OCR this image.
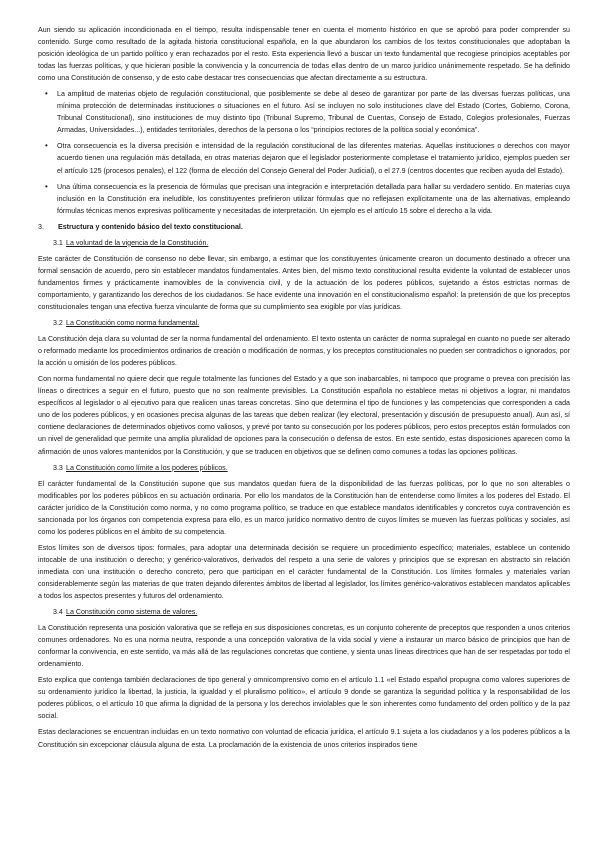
Aun siendo su aplicación incondicionada en el tiempo, resulta indispensable tener en cuenta el momento histórico en que se aprobó para poder comprender su contenido. Surge como resultado de la agitada historia constitucional española, en la que abundaron los cambios de los textos constitucionales que adoptaban la posición ideológica de un partido político y eran rechazados por el resto. Esta experiencia llevó a buscar un texto fundamental que recogiese principios aceptables por todas las fuerzas políticas, y que hicieran posible la convivencia y la concurrencia de todas ellas dentro de un marco jurídico unánimemente respetado. Se ha definido como una Constitución de consenso, y de esto cabe destacar tres consecuencias que afectan directamente a su estructura.

• La amplitud de materias objeto de regulación constitucional, que posiblemente se debe al deseo de garantizar por parte de las diversas fuerzas políticas, una mínima protección de determinadas instituciones o situaciones en el futuro. Así se incluyen no solo instituciones clave del Estado (Cortes, Gobierno, Corona, Tribunal Constitucional), sino instituciones de muy distinto tipo (Tribunal Supremo, Tribunal de Cuentas, Consejo de Estado, Colegios profesionales, Fuerzas Armadas, Universidades...), entidades territoriales, derechos de la persona o los “principios rectores de la política social y económica”.
• Otra consecuencia es la diversa precisión e intensidad de la regulación constitucional de las diferentes materias. Aquellas instituciones o derechos con mayor acuerdo tienen una regulación más detallada, en otras materias dejaron que el legislador posteriormente completase el tratamiento jurídico, ejemplos pueden ser el artículo 125 (procesos penales), el 122 (forma de elección del Consejo General del Poder Judicial), o el 27.9 (centros docentes que reciben ayuda del Estado).
• Una última consecuencia es la presencia de fórmulas que precisan una integración e interpretación detallada para hallar su verdadero sentido. En materias cuya inclusión en la Constitución era ineludible, los constituyentes prefirieron utilizar fórmulas que no reflejasen explícitamente una de las alternativas, empleando fórmulas técnicas menos expresivas políticamente y necesitadas de interpretación. Un ejemplo es el artículo 15 sobre el derecho a la vida.
3. Estructura y contenido básico del texto constitucional.
3.1 La voluntad de la vigencia de la Constitución.

Este carácter de Constitución de consenso no debe llevar, sin embargo, a estimar que los constituyentes únicamente crearon un documento destinado a ofrecer una formal sensación de acuerdo, pero sin establecer mandatos fundamentales. Antes bien, del mismo texto constitucional resulta evidente la voluntad de establecer unos fundamentos firmes y prácticamente inamovibles de la convivencia civil, y de la actuación de los poderes públicos, sujetando a éstos estrictas normas de comportamiento, y garantizando los derechos de los ciudadanos. Se hace evidente una innovación en el constitucionalismo español: la pretensión de que los preceptos constitucionales tengan una efectiva fuerza vinculante de forma que su cumplimiento sea exigible por vías jurídicas.

3.2 La Constitución como norma fundamental.

La Constitución deja clara su voluntad de ser la norma fundamental del ordenamiento. El texto ostenta un carácter de norma supralegal en cuanto no puede ser alterado o reformado mediante los procedimientos ordinarios de creación o modificación de normas, y los preceptos constitucionales no pueden ser contradichos o ignorados, por la acción u omisión de los poderes públicos.

Con norma fundamental no quiere decir que regule totalmente las funciones del Estado y a que son inabarcables, ni tampoco que programe o prevea con precisión las líneas o directrices a seguir en el futuro, puesto que no son realmente previsibles. La Constitución española no establece metas ni objetivos a lograr, ni mandatos específicos al legislador o al ejecutivo para que realicen unas tareas concretas. Sino que determina el tipo de funciones y las competencias que corresponden a cada uno de los poderes públicos, y en ocasiones precisa algunas de las tareas que deben realizar (ley electoral, presentación y discusión de presupuesto anual). Aun así, sí contiene declaraciones de determinados objetivos como valiosos, y prevé por tanto su consecución por los poderes públicos, pero estos preceptos están formulados con un nivel de generalidad que permite una amplia pluralidad de opciones para la consecución o defensa de estos. En este sentido, estas disposiciones aparecen como la afirmación de unos valores mantenidos por la Constitución, y que se traducen en objetivos que se definen como comunes a todas las opciones políticas.

3.3 La Constitución como límite a los poderes públicos.

El carácter fundamental de la Constitución supone que sus mandatos quedan fuera de la disponibilidad de las fuerzas políticas, por lo que no son alterables o modificables por los poderes públicos en su actuación ordinaria. Por ello los mandatos de la Constitución han de entenderse como límites a los poderes del Estado. El carácter jurídico de la Constitución como norma, y no como programa político, se traduce en que establece mandatos identificables y concretos cuya contravención es sancionada por los órganos con competencia expresa para ello, es un marco jurídico normativo dentro de cuyos límites se mueven las fuerzas políticas y sociales, así como los poderes públicos en el ámbito de su competencia.

Estos límites son de diversos tipos: formales, para adoptar una determinada decisión se requiere un procedimiento específico; materiales, establece un contenido intocable de una institución o derecho; y genérico-valorativos, derivados del respeto a una serie de valores y principios que se expresan en abstracto sin relación inmediata con una institución o derecho concreto, pero que participan en el carácter fundamental de la Constitución. Los límites formales y materiales varían considerablemente según las materias de que traten dejando diferentes ámbitos de libertad al legislador, los límites genérico-valorativos establecen mandatos aplicables a todos los aspectos presentes y futuros del ordenamiento.

3.4 La Constitución como sistema de valores.

La Constitución representa una posición valorativa que se refleja en sus disposiciones concretas, es un conjunto coherente de preceptos que responden a unos criterios comunes ordenadores. No es una norma neutra, responde a una concepción valorativa de la vida social y viene a instaurar un marco básico de principios que han de conformar la convivencia, en este sentido, va más allá de las regulaciones concretas que contiene, y sienta unas líneas directrices que han de ser respetadas por todo el ordenamiento.

Esto explica que contenga también declaraciones de tipo general y omnicomprensivo como en el artículo 1.1 «el Estado español propugna como valores superiores de su ordenamiento jurídico la libertad, la justicia, la igualdad y el pluralismo político», el artículo 9 donde se garantiza la seguridad política y la responsabilidad de los poderes públicos, o el artículo 10 que afirma la dignidad de la persona y los derechos inviolables que le son inherentes como fundamento del orden político y de la paz social.

Estas declaraciones se encuentran incluidas en un texto normativo con voluntad de eficacia jurídica, el artículo 9.1 sujeta a los ciudadanos y a los poderes públicos a la Constitución sin excepcionar cláusula alguna de esta. La proclamación de la existencia de unos criterios inspirados tiene
